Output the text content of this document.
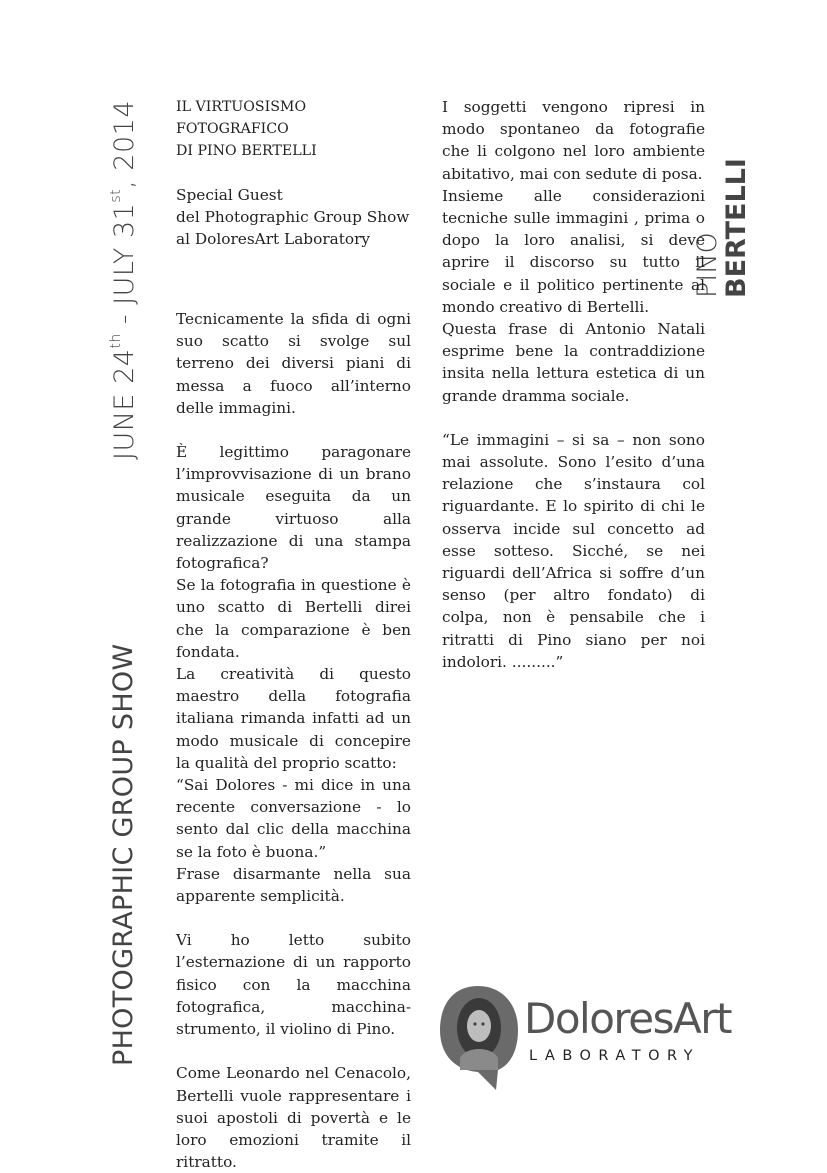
JUNE 24th - JULY 31st, 2014
PHOTOGRAPHIC GROUP SHOW
PINO
BERTELLI
IL VIRTUOSISMO FOTOGRAFICO
DI PINO BERTELLI
Special Guest
del Photographic Group Show
al DoloresArt Laboratory

Tecnicamente la sfida di ogni suo scatto si svolge sul terreno dei diversi piani di messa a fuoco all’interno delle immagini.

È legittimo paragonare l’improvvisazione di un brano musicale eseguita da un grande virtuoso alla realizzazione di una stampa fotografica?

Se la fotografia in questione è uno scatto di Bertelli direi che la comparazione è ben fondata.

La creatività di questo maestro della fotografia italiana rimanda infatti ad un modo musicale di concepire la qualità del proprio scatto:

“Sai Dolores - mi dice in una recente conversazione - lo sento dal clic della macchina se la foto è buona.”

Frase disarmante nella sua apparente semplicità.

Vi ho letto subito l’esternazione di un rapporto fisico con la macchina fotografica, macchina-strumento, il violino di Pino.

Come Leonardo nel Cenacolo, Bertelli vuole rappresentare i suoi apostoli di povertà e le loro emozioni tramite il ritratto.

I soggetti vengono ripresi in modo spontaneo da fotografie che li colgono nel loro ambiente abitativo, mai con sedute di posa.

Insieme alle considerazioni tecniche sulle immagini , prima o dopo la loro analisi, si deve aprire il discorso su tutto il sociale e il politico pertinente al mondo creativo di Bertelli.

Questa frase di Antonio Natali esprime bene la contraddizione insita nella lettura estetica di un grande dramma sociale.

“Le immagini – si sa – non sono mai assolute. Sono l’esito d’una relazione che s’instaura col riguardante. E lo spirito di chi le osserva incide sul concetto ad esse sotteso. Sicché, se nei riguardi dell’Africa si soffre d’un senso (per altro fondato) di colpa, non è pensabile che i ritratti di Pino siano per noi indolori. .........”

DoloresArt
LABORATORY
